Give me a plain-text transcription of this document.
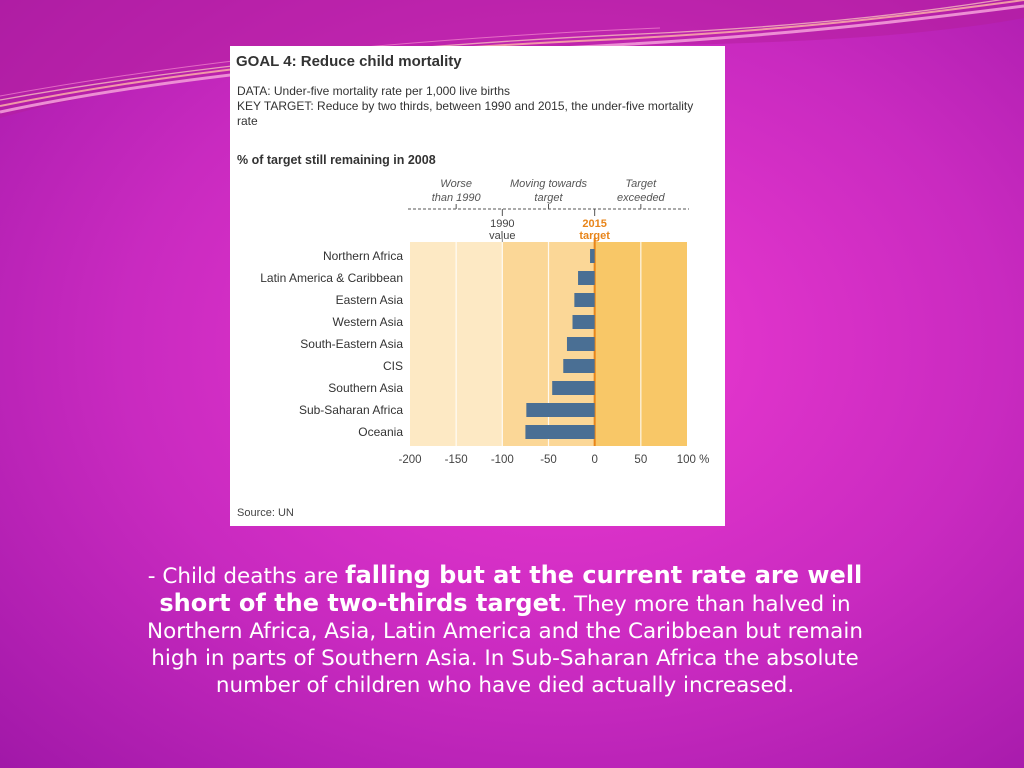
GOAL 4: Reduce child mortality

DATA: Under-five mortality rate per 1,000 live births

KEY TARGET: Reduce by two thirds, between 1990 and 2015, the under-five mortality rate

% of target still remaining in 2008

Worse
than 1990
Moving towards
target
Target
exceeded
1990
value
2015
target
Northern Africa
Latin America & Caribbean
Eastern Asia
Western Asia
South-Eastern Asia
CIS
Southern Asia
Sub-Saharan Africa
Oceania
-200 -150 -100 -50	0	50	100 %

Source: UN

- Child deaths are falling but at the current rate are well short of the two-thirds target. They more than halved in Northern Africa, Asia, Latin America and the Caribbean but remain high in parts of Southern Asia. In Sub-Saharan Africa the absolute number of children who have died actually increased.
